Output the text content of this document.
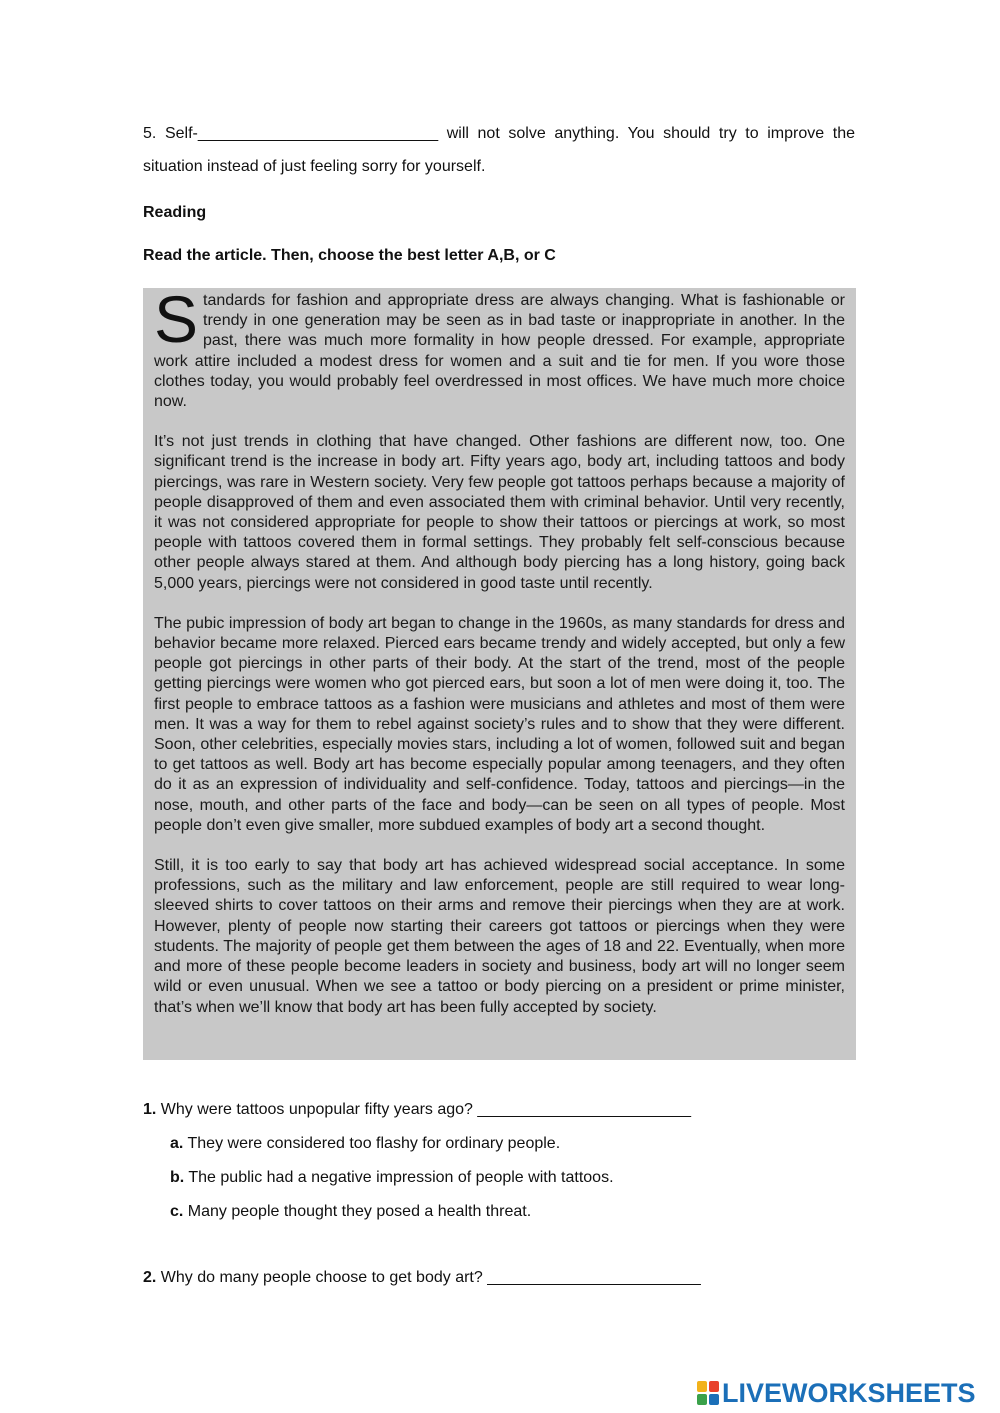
5. Self-___________________________ will not solve anything. You should try to improve the situation instead of just feeling sorry for yourself.
Reading
Read the article. Then, choose the best letter A,B, or C

Standards for fashion and appropriate dress are always changing. What is fashionable or trendy in one generation may be seen as in bad taste or inappropriate in another. In the past, there was much more formality in how people dressed. For example, appropriate work attire included a modest dress for women and a suit and tie for men. If you wore those clothes today, you would probably feel overdressed in most offices. We have much more choice now.

It’s not just trends in clothing that have changed. Other fashions are different now, too. One significant trend is the increase in body art. Fifty years ago, body art, including tattoos and body piercings, was rare in Western society. Very few people got tattoos perhaps because a majority of people disapproved of them and even associated them with criminal behavior. Until very recently, it was not considered appropriate for people to show their tattoos or piercings at work, so most people with tattoos covered them in formal settings. They probably felt self-conscious because other people always stared at them. And although body piercing has a long history, going back 5,000 years, piercings were not considered in good taste until recently.

The pubic impression of body art began to change in the 1960s, as many standards for dress and behavior became more relaxed. Pierced ears became trendy and widely accepted, but only a few people got piercings in other parts of their body. At the start of the trend, most of the people getting piercings were women who got pierced ears, but soon a lot of men were doing it, too. The first people to embrace tattoos as a fashion were musicians and athletes and most of them were men. It was a way for them to rebel against society’s rules and to show that they were different. Soon, other celebrities, especially movies stars, including a lot of women, followed suit and began to get tattoos as well. Body art has become especially popular among teenagers, and they often do it as an expression of individuality and self-confidence. Today, tattoos and piercings—in the nose, mouth, and other parts of the face and body—can be seen on all types of people. Most people don’t even give smaller, more subdued examples of body art a second thought.

Still, it is too early to say that body art has achieved widespread social acceptance. In some professions, such as the military and law enforcement, people are still required to wear long-sleeved shirts to cover tattoos on their arms and remove their piercings when they are at work. However, plenty of people now starting their careers got tattoos or piercings when they were students. The majority of people get them between the ages of 18 and 22. Eventually, when more and more of these people become leaders in society and business, body art will no longer seem wild or even unusual. When we see a tattoo or body piercing on a president or prime minister, that’s when we’ll know that body art has been fully accepted by society.

1. Why were tattoos unpopular fifty years ago? ________________________
a. They were considered too flashy for ordinary people.
b. The public had a negative impression of people with tattoos.
c. Many people thought they posed a health threat.
2. Why do many people choose to get body art? ________________________
LIVEWORKSHEETS
